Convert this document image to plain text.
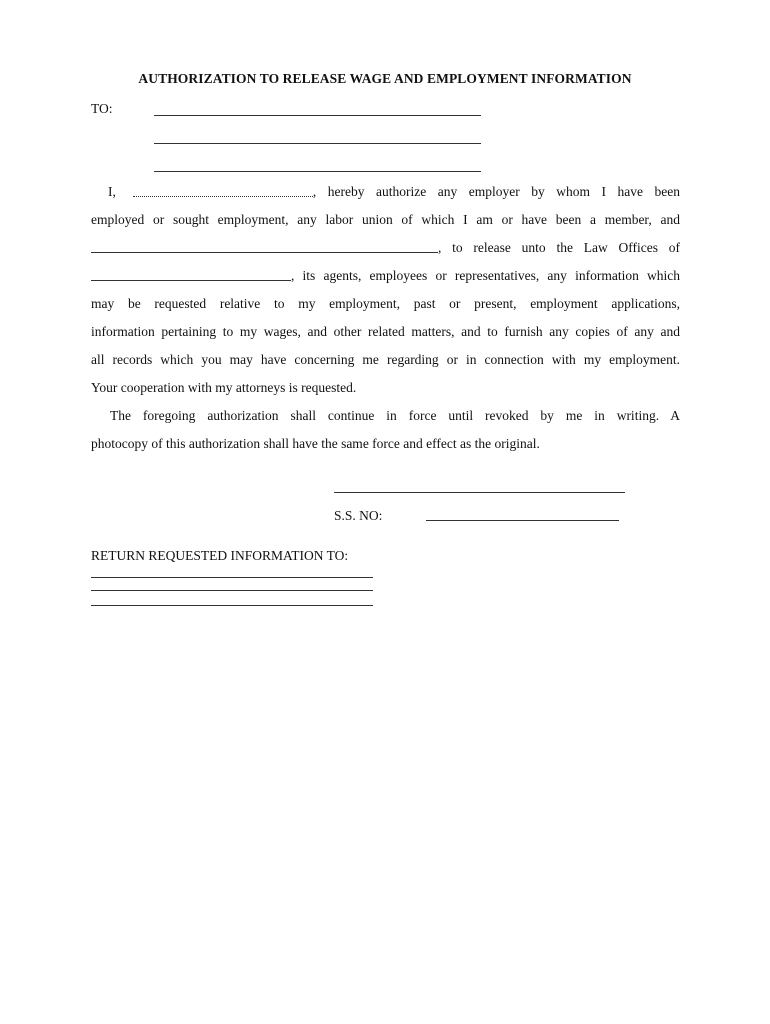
AUTHORIZATION TO RELEASE WAGE AND EMPLOYMENT INFORMATION
TO:
I,	, hereby authorize any employer by whom I have been
employed or sought employment, any labor union of which I am or have been a member, and
, to release unto the Law Offices of
, its agents, employees or representatives, any information which
may be requested relative to my employment, past or present, employment applications,
information pertaining to my wages, and other related matters, and to furnish any copies of any and
all records which you may have concerning me regarding or in connection with my employment.
Your cooperation with my attorneys is requested.
The foregoing authorization shall continue in force until revoked by me in writing. A
photocopy of this authorization shall have the same force and effect as the original.
S.S. NO:
RETURN REQUESTED INFORMATION TO:
